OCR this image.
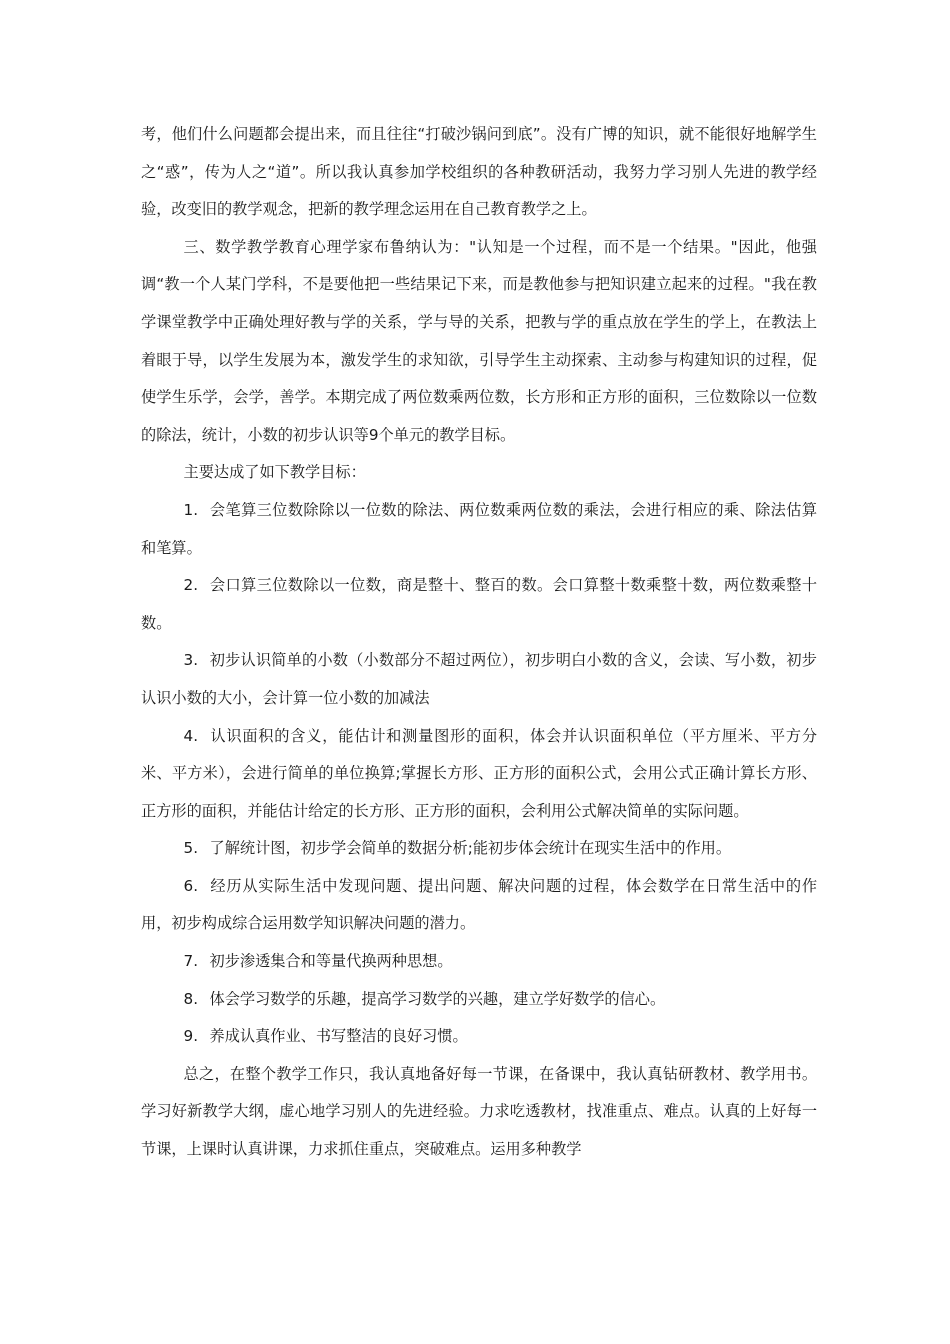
考，他们什么问题都会提出来，而且往往“打破沙锅问到底”。没有广博的知识，就不能很好地解学生之“惑”，传为人之“道”。所以我认真参加学校组织的各种教研活动，我努力学习别人先进的教学经验，改变旧的教学观念，把新的教学理念运用在自己教育教学之上。

三、数学教学教育心理学家布鲁纳认为："认知是一个过程，而不是一个结果。"因此，他强调“教一个人某门学科，不是要他把一些结果记下来，而是教他参与把知识建立起来的过程。"我在教学课堂教学中正确处理好教与学的关系，学与导的关系，把教与学的重点放在学生的学上，在教法上着眼于导，以学生发展为本，激发学生的求知欲，引导学生主动探索、主动参与构建知识的过程，促使学生乐学，会学，善学。本期完成了两位数乘两位数，长方形和正方形的面积，三位数除以一位数的除法，统计，小数的初步认识等9个单元的教学目标。

主要达成了如下教学目标：

1. 会笔算三位数除除以一位数的除法、两位数乘两位数的乘法，会进行相应的乘、除法估算和笔算。

2. 会口算三位数除以一位数，商是整十、整百的数。会口算整十数乘整十数，两位数乘整十数。

3. 初步认识简单的小数（小数部分不超过两位），初步明白小数的含义，会读、写小数，初步认识小数的大小，会计算一位小数的加减法

4. 认识面积的含义，能估计和测量图形的面积，体会并认识面积单位（平方厘米、平方分米、平方米），会进行简单的单位换算;掌握长方形、正方形的面积公式，会用公式正确计算长方形、正方形的面积，并能估计给定的长方形、正方形的面积，会利用公式解决简单的实际问题。

5. 了解统计图，初步学会简单的数据分析;能初步体会统计在现实生活中的作用。

6. 经历从实际生活中发现问题、提出问题、解决问题的过程，体会数学在日常生活中的作用，初步构成综合运用数学知识解决问题的潜力。

7. 初步渗透集合和等量代换两种思想。

8. 体会学习数学的乐趣，提高学习数学的兴趣，建立学好数学的信心。

9. 养成认真作业、书写整洁的良好习惯。

总之，在整个教学工作只，我认真地备好每一节课，在备课中，我认真钻研教材、教学用书。学习好新教学大纲，虚心地学习别人的先进经验。力求吃透教材，找准重点、难点。认真的上好每一节课，上课时认真讲课，力求抓住重点，突破难点。运用多种教学
